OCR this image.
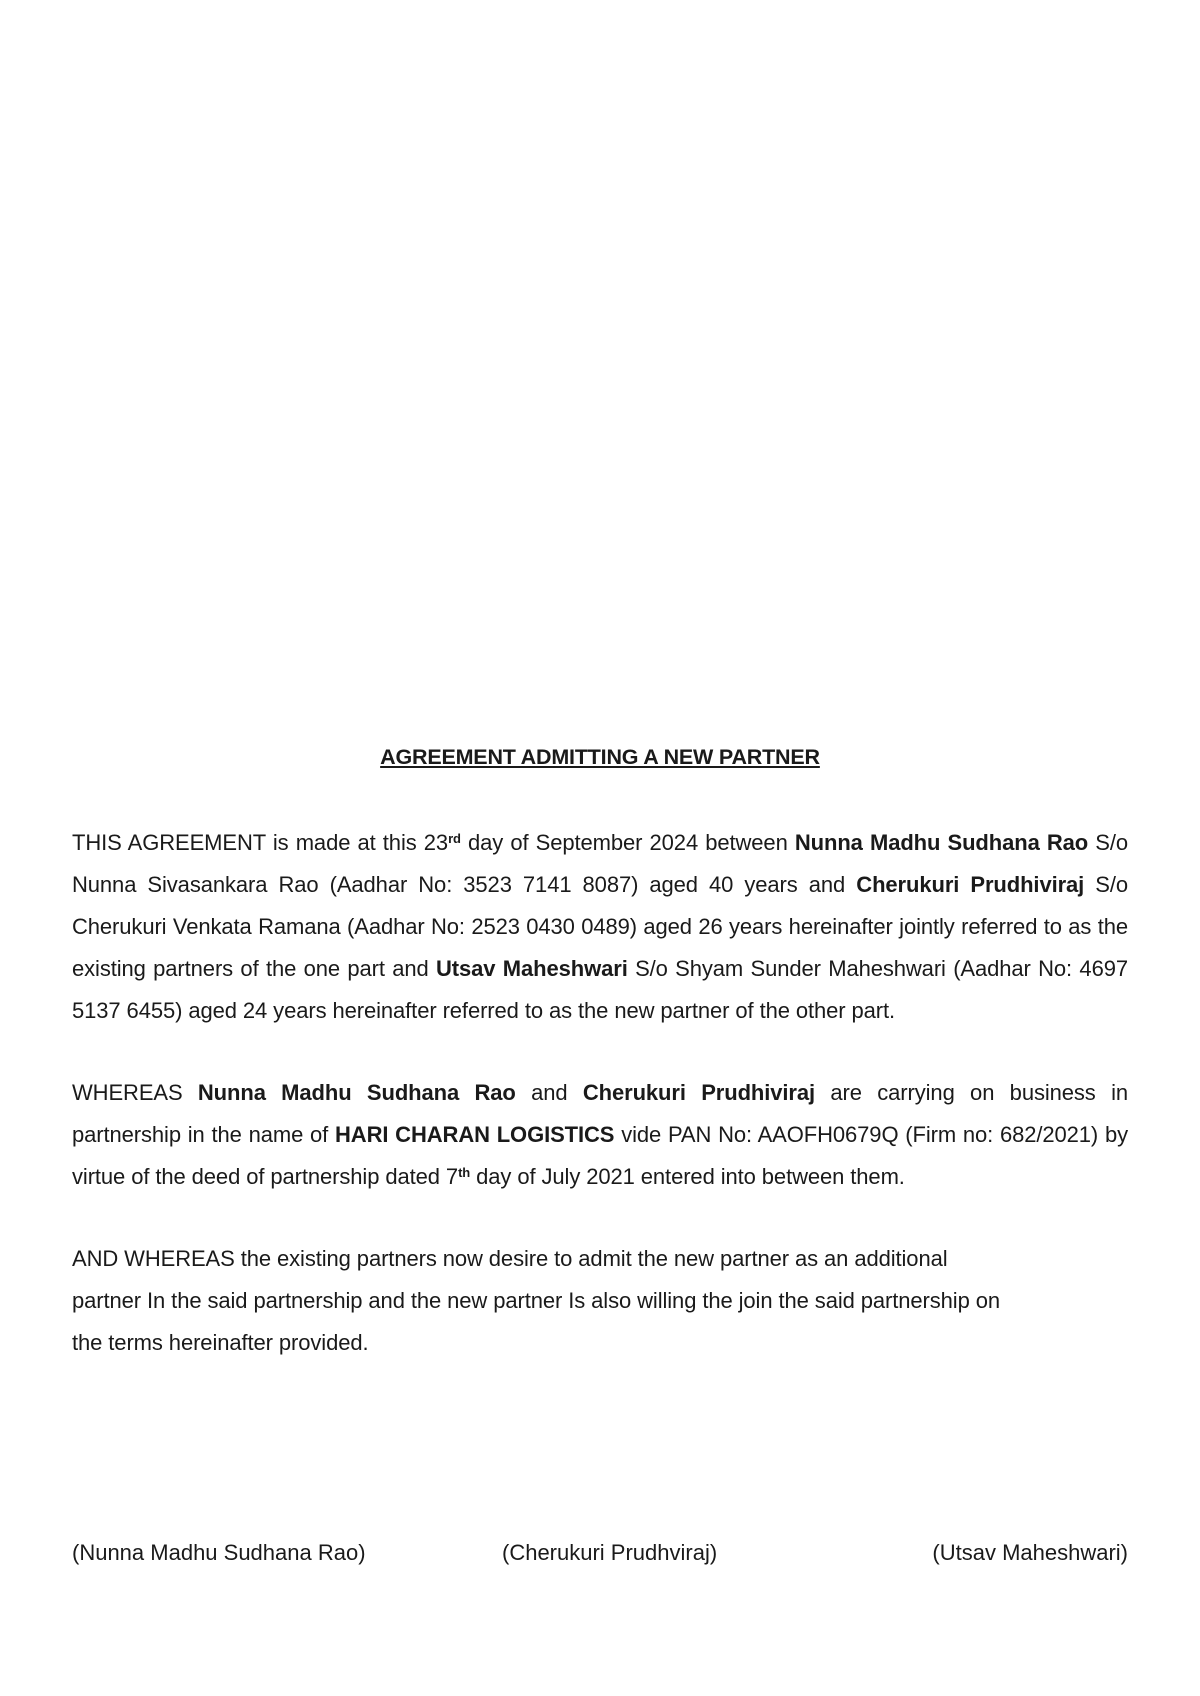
AGREEMENT ADMITTING A NEW PARTNER

THIS AGREEMENT is made at this 23rd day of September 2024 between Nunna Madhu Sudhana Rao S/o Nunna Sivasankara Rao (Aadhar No: 3523 7141 8087) aged 40 years and Cherukuri Prudhiviraj S/o Cherukuri Venkata Ramana (Aadhar No: 2523 0430 0489) aged 26 years hereinafter jointly referred to as the existing partners of the one part and Utsav Maheshwari S/o Shyam Sunder Maheshwari (Aadhar No: 4697 5137 6455) aged 24 years hereinafter referred to as the new partner of the other part.

WHEREAS Nunna Madhu Sudhana Rao and Cherukuri Prudhiviraj are carrying on business in partnership in the name of HARI CHARAN LOGISTICS vide PAN No: AAOFH0679Q (Firm no: 682/2021) by virtue of the deed of partnership dated 7th day of July 2021 entered into between them.

AND WHEREAS the existing partners now desire to admit the new partner as an additional
partner In the said partnership and the new partner Is also willing the join the said partnership on
the terms hereinafter provided.

(Nunna Madhu Sudhana Rao)	(Cherukuri Prudhviraj)	(Utsav Maheshwari)
